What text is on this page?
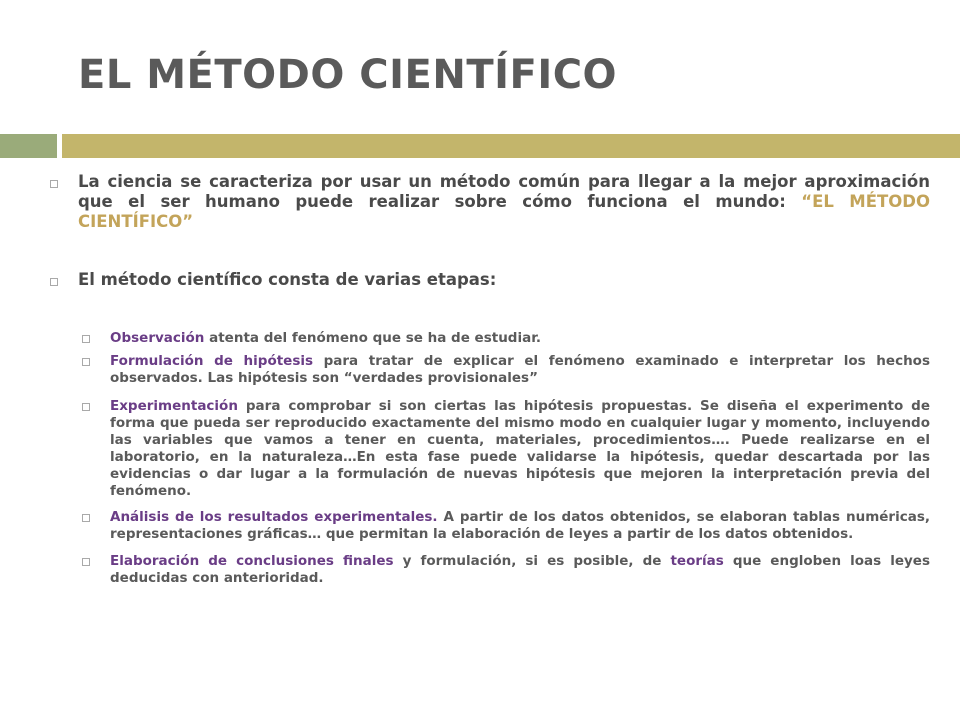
EL MÉTODO CIENTÍFICO
La ciencia se caracteriza por usar un método común para llegar a la mejor aproximación que el ser humano puede realizar sobre cómo funciona el mundo: “EL MÉTODO CIENTÍFICO”
El método científico consta de varias etapas:
Observación atenta del fenómeno que se ha de estudiar.
Formulación de hipótesis para tratar de explicar el fenómeno examinado e interpretar los hechos observados. Las hipótesis son “verdades provisionales”
Experimentación para comprobar si son ciertas las hipótesis propuestas. Se diseña el experimento de forma que pueda ser reproducido exactamente del mismo modo en cualquier lugar y momento, incluyendo las variables que vamos a tener en cuenta, materiales, procedimientos…. Puede realizarse en el laboratorio, en la naturaleza…En esta fase puede validarse la hipótesis, quedar descartada por las evidencias o dar lugar a la formulación de nuevas hipótesis que mejoren la interpretación previa del fenómeno.
Análisis de los resultados experimentales. A partir de los datos obtenidos, se elaboran tablas numéricas, representaciones gráficas… que permitan la elaboración de leyes a partir de los datos obtenidos.
Elaboración de conclusiones finales y formulación, si es posible, de teorías que engloben loas leyes deducidas con anterioridad.
